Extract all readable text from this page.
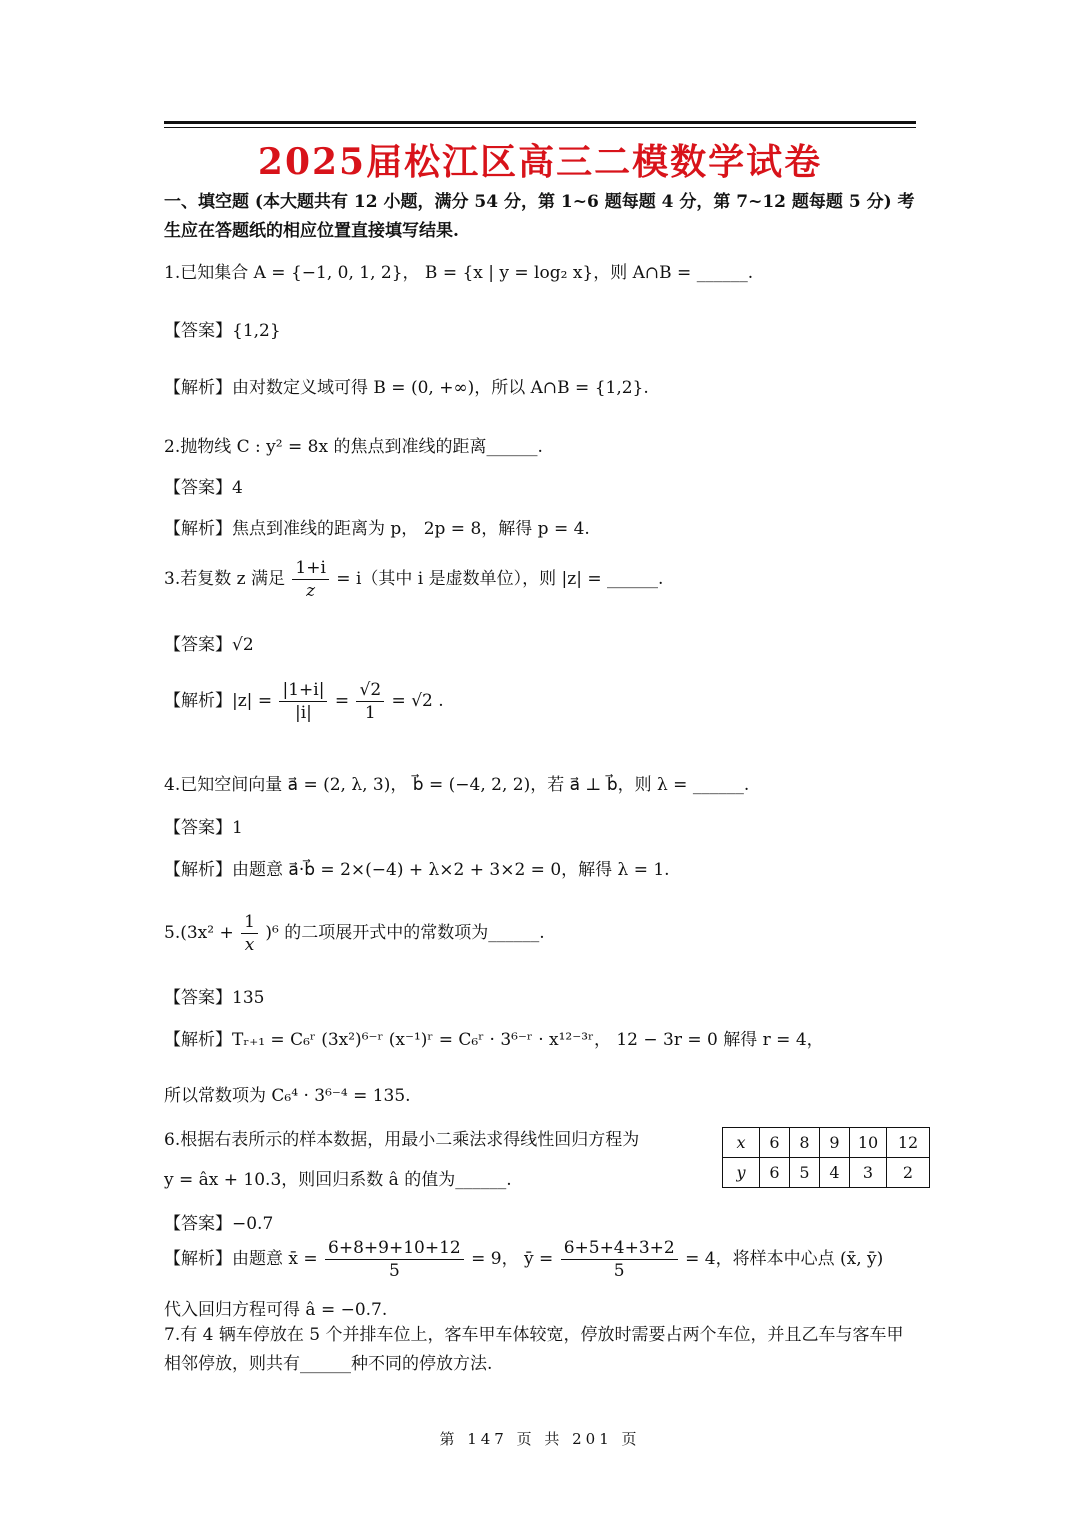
2025届松江区高三二模数学试卷
一、填空题 (本大题共有 12 小题，满分 54 分，第 1~6 题每题 4 分，第 7~12 题每题 5 分) 考生应在答题纸的相应位置直接填写结果.
1.已知集合 A = {−1, 0, 1, 2}， B = {x | y = log₂ x}，则 A∩B = ______.
【答案】{1,2}
【解析】由对数定义域可得 B = (0, +∞)，所以 A∩B = {1,2}.
2.抛物线 C : y² = 8x 的焦点到准线的距离______.
【答案】4
【解析】焦点到准线的距离为 p， 2p = 8，解得 p = 4.
3.若复数 z 满足 $\frac{1+i}{z} = i$（其中 i 是虚数单位），则 |z| = ______.
【答案】√2
【解析】$|z| = \frac{|1+i|}{|i|} = \frac{√2}{1} = √2$ .
4.已知空间向量 a⃗ = (2, λ, 3)， b⃗ = (−4, 2, 2)，若 a⃗ ⊥ b⃗，则 λ = ______.
【答案】1
【解析】由题意 a⃗·b⃗ = 2×(−4) + λ×2 + 3×2 = 0，解得 λ = 1.
$5.(3x^2 + \frac{1}{x} )^6$ 的二项展开式中的常数项为______.
【答案】135
【解析】Tᵣ₊₁ = C₆ʳ (3x²)⁶⁻ʳ (x⁻¹)ʳ = C₆ʳ · 3⁶⁻ʳ · x¹²⁻³ʳ， 12 − 3r = 0 解得 r = 4，
所以常数项为 C₆⁴ · 3⁶⁻⁴ = 135.
6.根据右表所示的样本数据，用最小二乘法求得线性回归方程为
y = âx + 10.3，则回归系数 â 的值为______.
x	6	8	9	10	12
y	6	5	4	3	2
【答案】−0.7
【解析】由题意 x̄ = $\frac{6+8+9+10+12}{5} = 9$， ȳ = $\frac{6+5+4+3+2}{5} = 4$，将样本中心点 (x̄, ȳ)
代入回归方程可得 â = −0.7.
7.有 4 辆车停放在 5 个并排车位上，客车甲车体较宽，停放时需要占两个车位，并且乙车与客车甲相邻停放，则共有______种不同的停放方法.
第 147 页 共 201 页
